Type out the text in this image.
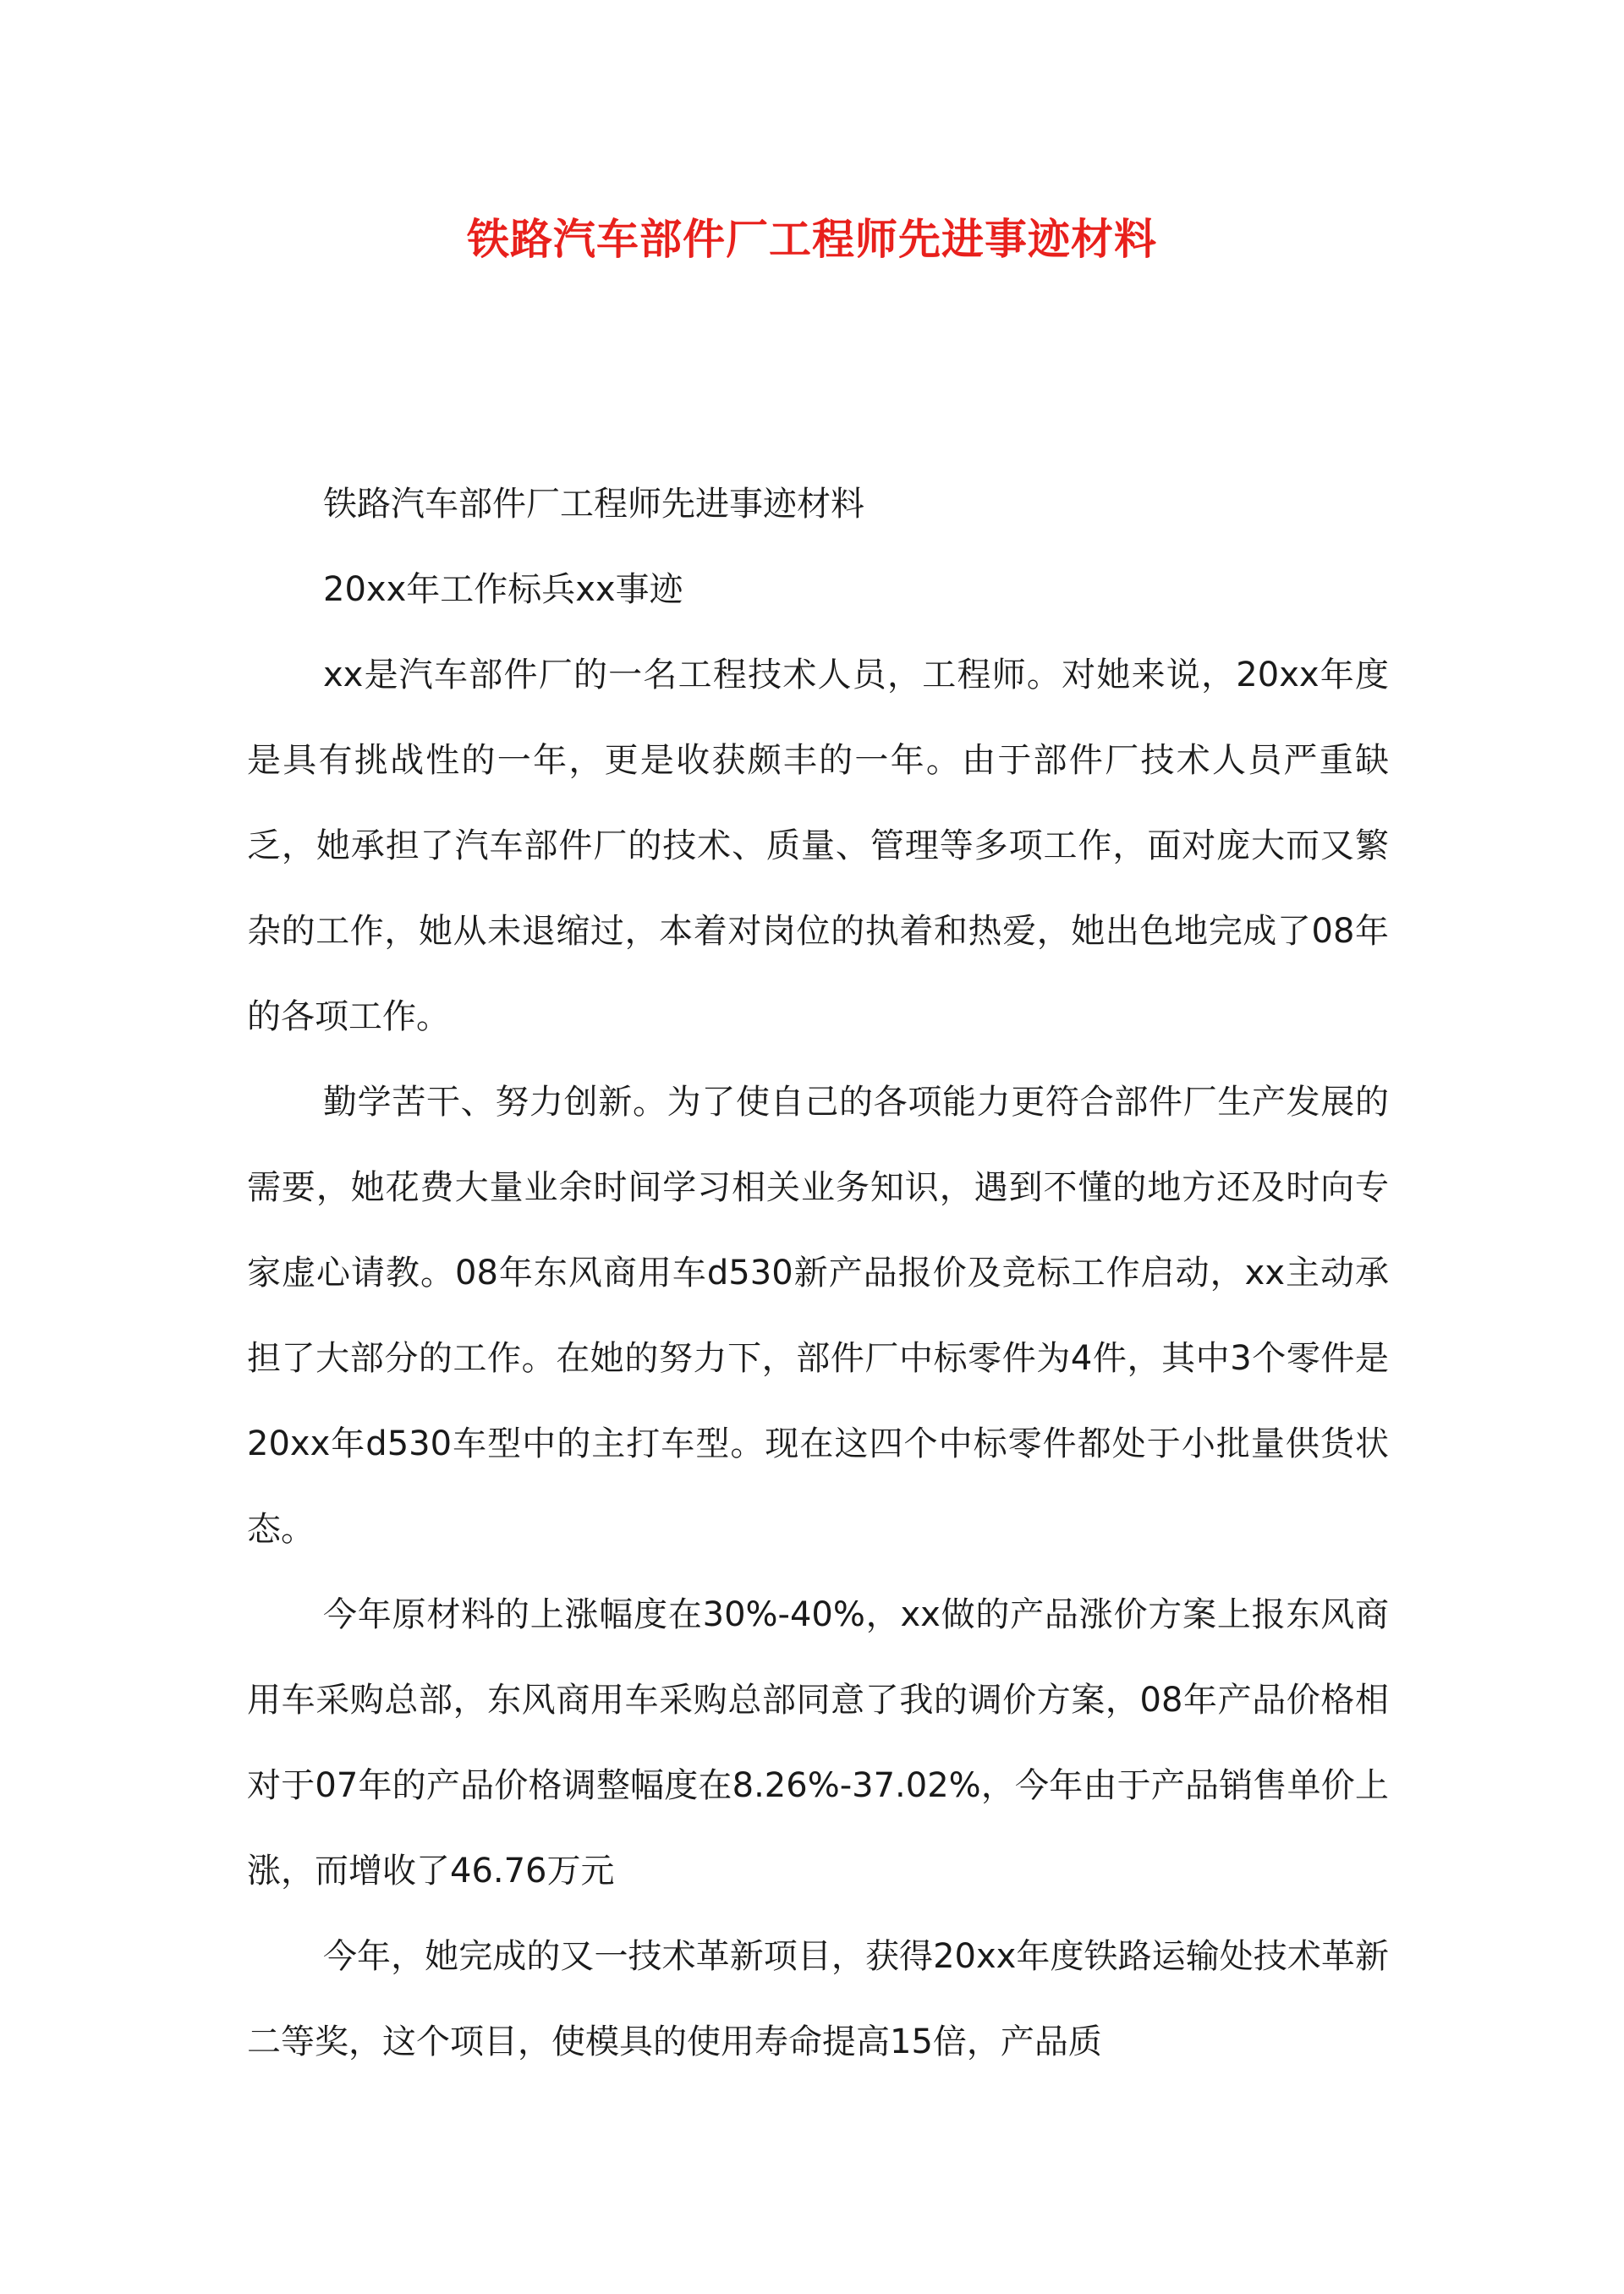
铁路汽车部件厂工程师先进事迹材料

铁路汽车部件厂工程师先进事迹材料

20xx年工作标兵xx事迹

xx是汽车部件厂的一名工程技术人员，工程师。对她来说，20xx年度是具有挑战性的一年，更是收获颇丰的一年。由于部件厂技术人员严重缺乏，她承担了汽车部件厂的技术、质量、管理等多项工作，面对庞大而又繁杂的工作，她从未退缩过，本着对岗位的执着和热爱，她出色地完成了08年的各项工作。

勤学苦干、努力创新。为了使自己的各项能力更符合部件厂生产发展的需要，她花费大量业余时间学习相关业务知识，遇到不懂的地方还及时向专家虚心请教。08年东风商用车d530新产品报价及竞标工作启动，xx主动承担了大部分的工作。在她的努力下，部件厂中标零件为4件，其中3个零件是20xx年d530车型中的主打车型。现在这四个中标零件都处于小批量供货状态。

今年原材料的上涨幅度在30%-40%，xx做的产品涨价方案上报东风商用车采购总部，东风商用车采购总部同意了我的调价方案，08年产品价格相对于07年的产品价格调整幅度在8.26%-37.02%，今年由于产品销售单价上涨，而增收了46.76万元

今年，她完成的又一技术革新项目，获得20xx年度铁路运输处技术革新二等奖，这个项目，使模具的使用寿命提高15倍，产品质
